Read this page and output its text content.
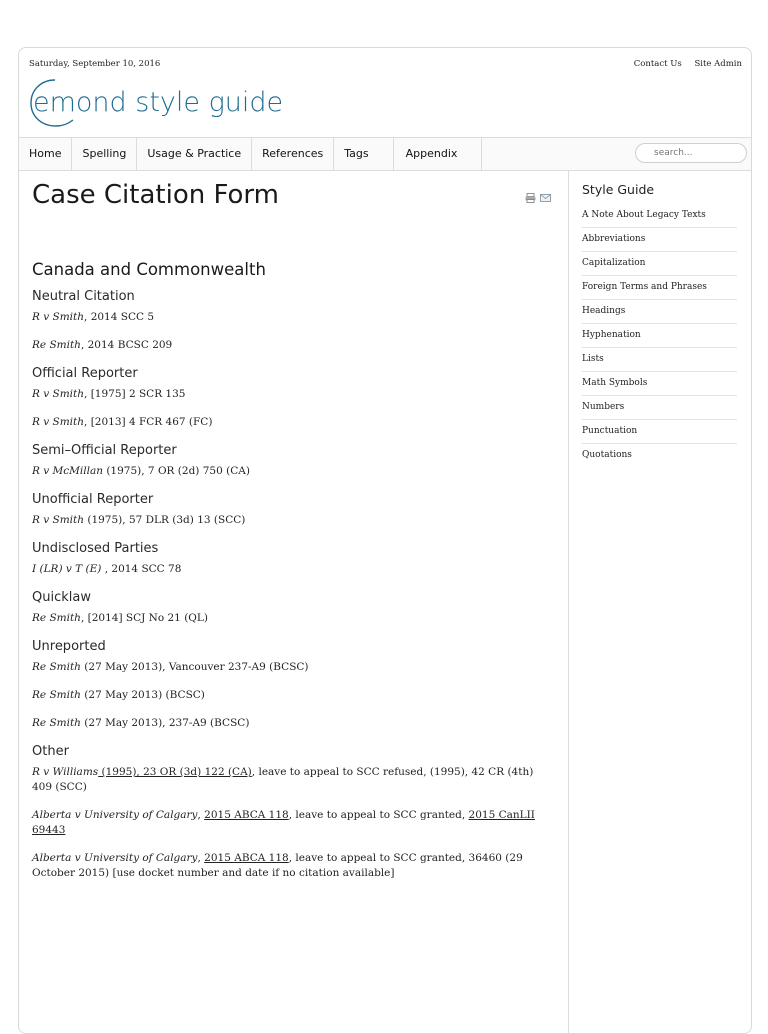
Saturday, September 10, 2016	Contact Us Site Admin
emond style guide
Home	Spelling	Usage & Practice	References	Tags	Appendix
search...
Case Citation Form
Canada and Commonwealth
Neutral Citation
R v Smith, 2014 SCC 5
Re Smith, 2014 BCSC 209
Official Reporter
R v Smith, [1975] 2 SCR 135
R v Smith, [2013] 4 FCR 467 (FC)
Semi–Official Reporter
R v McMillan (1975), 7 OR (2d) 750 (CA)
Unofficial Reporter
R v Smith (1975), 57 DLR (3d) 13 (SCC)
Undisclosed Parties
I (LR) v T (E) , 2014 SCC 78
Quicklaw
Re Smith, [2014] SCJ No 21 (QL)
Unreported
Re Smith (27 May 2013), Vancouver 237-A9 (BCSC)
Re Smith (27 May 2013) (BCSC)
Re Smith (27 May 2013), 237-A9 (BCSC)
Other
R v Williams (1995), 23 OR (3d) 122 (CA), leave to appeal to SCC refused, (1995), 42 CR (4th) 409 (SCC)
Alberta v University of Calgary, 2015 ABCA 118, leave to appeal to SCC granted, 2015 CanLII 69443
Alberta v University of Calgary, 2015 ABCA 118, leave to appeal to SCC granted, 36460 (29 October 2015) [use docket number and date if no citation available]
Style Guide
A Note About Legacy Texts
Abbreviations
Capitalization
Foreign Terms and Phrases
Headings
Hyphenation
Lists
Math Symbols
Numbers
Punctuation
Quotations
